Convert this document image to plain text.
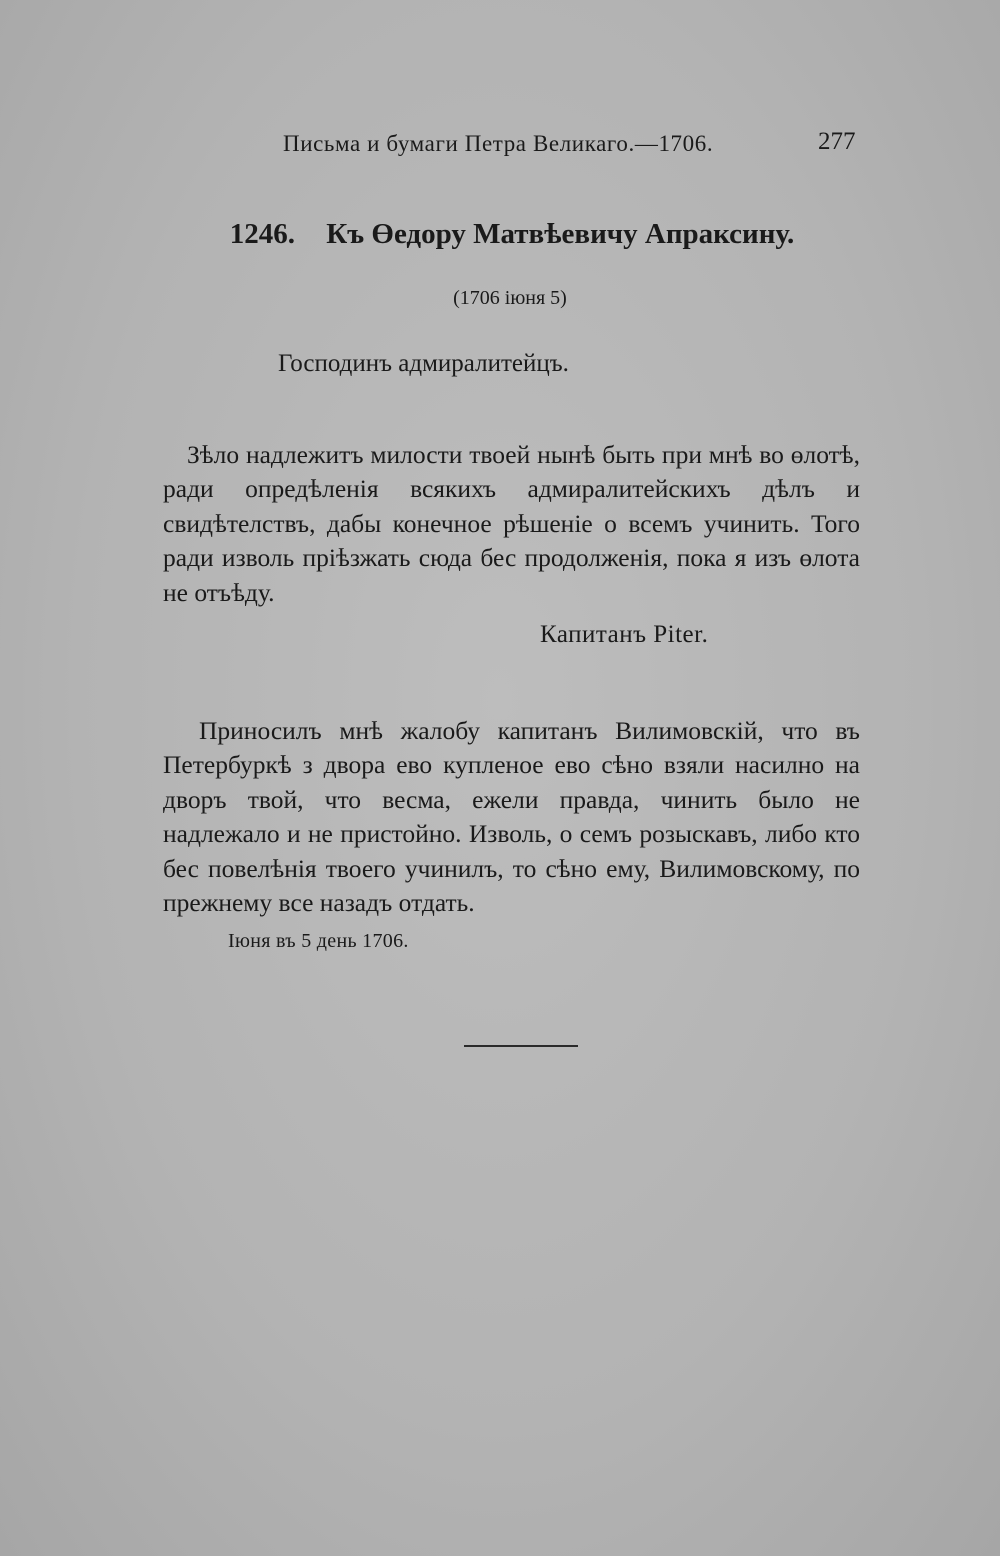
Письма и бумаги Петра Великаго.—1706.	277
1246. Къ Өедору Матвѣевичу Апраксину.
(1706 іюня 5)
Господинъ адмиралитейцъ.

Зѣло надлежитъ милости твоей нынѣ быть при мнѣ во өлотѣ, ради опредѣленія всякихъ адмиралитейскихъ дѣлъ и свидѣтелствъ, дабы конечное рѣшеніе о всемъ учинить. Того ради изволь пріѣзжать сюда бес продолженія, пока я изъ өлота не отъѣду.

Капитанъ Piter.

Приносилъ мнѣ жалобу капитанъ Вилимовскій, что въ Петербуркѣ з двора ево купленое ево сѣно взяли насилно на дворъ твой, что весма, ежели правда, чинить было не надлежало и не пристойно. Изволь, о семъ розыскавъ, либо кто бес повелѣнія твоего учинилъ, то сѣно ему, Вилимовскому, по прежнему все назадъ отдать.

Іюня въ 5 день 1706.
